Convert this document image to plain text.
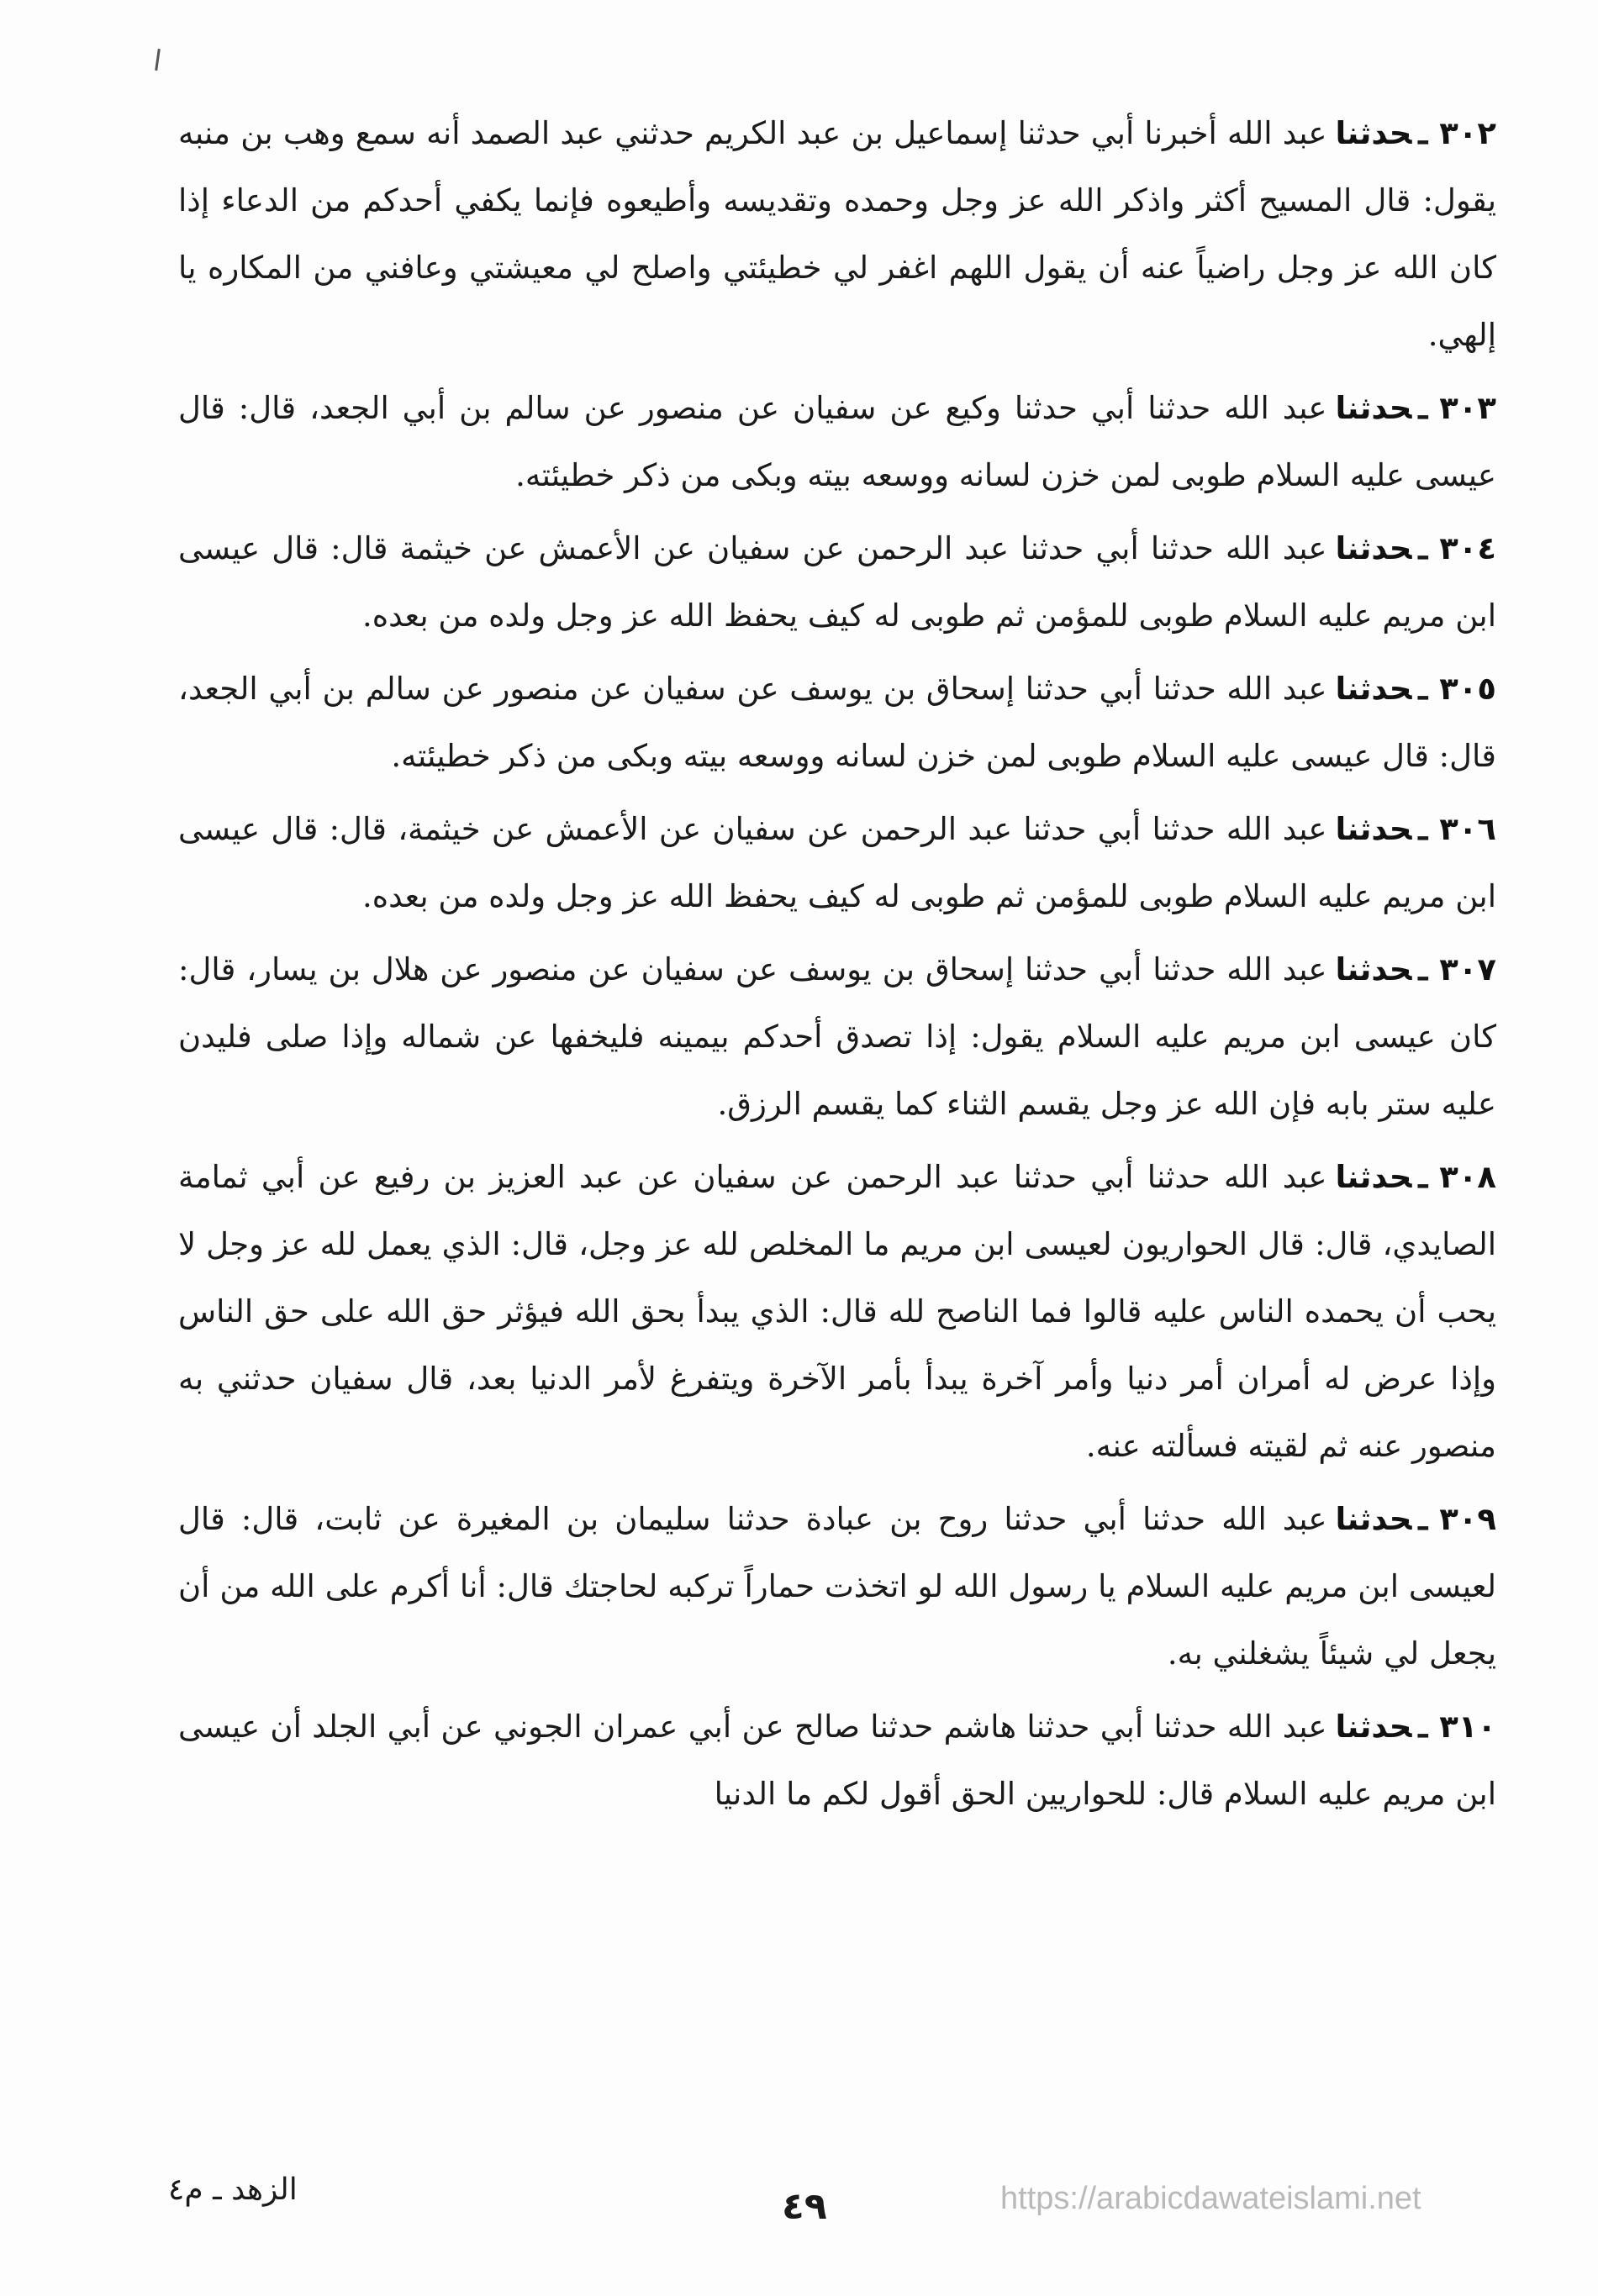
٣٠٢ـحدثناعبد الله أخبرنا أبي حدثنا إسماعيل بن عبد الكريم حدثني عبد الصمد أنه سمع وهب بن منبه يقول: قال المسيح أكثر واذكر الله عز وجل وحمده وتقديسه وأطيعوه فإنما يكفي أحدكم من الدعاء إذا كان الله عز وجل راضياً عنه أن يقول اللهم اغفر لي خطيئتي واصلح لي معيشتي وعافني من المكاره يا إلهي.

٣٠٣ـحدثناعبد الله حدثنا أبي حدثنا وكيع عن سفيان عن منصور عن سالم بن أبي الجعد، قال: قال عيسى عليه السلام طوبى لمن خزن لسانه ووسعه بيته وبكى من ذكر خطيئته.

٣٠٤ـحدثناعبد الله حدثنا أبي حدثنا عبد الرحمن عن سفيان عن الأعمش عن خيثمة قال: قال عيسى ابن مريم عليه السلام طوبى للمؤمن ثم طوبى له كيف يحفظ الله عز وجل ولده من بعده.

٣٠٥ـحدثناعبد الله حدثنا أبي حدثنا إسحاق بن يوسف عن سفيان عن منصور عن سالم بن أبي الجعد، قال: قال عيسى عليه السلام طوبى لمن خزن لسانه ووسعه بيته وبكى من ذكر خطيئته.

٣٠٦ـحدثناعبد الله حدثنا أبي حدثنا عبد الرحمن عن سفيان عن الأعمش عن خيثمة، قال: قال عيسى ابن مريم عليه السلام طوبى للمؤمن ثم طوبى له كيف يحفظ الله عز وجل ولده من بعده.

٣٠٧ـحدثناعبد الله حدثنا أبي حدثنا إسحاق بن يوسف عن سفيان عن منصور عن هلال بن يسار، قال: كان عيسى ابن مريم عليه السلام يقول: إذا تصدق أحدكم بيمينه فليخفها عن شماله وإذا صلى فليدن عليه ستر بابه فإن الله عز وجل يقسم الثناء كما يقسم الرزق.

٣٠٨ـحدثناعبد الله حدثنا أبي حدثنا عبد الرحمن عن سفيان عن عبد العزيز بن رفيع عن أبي ثمامة الصايدي، قال: قال الحواريون لعيسى ابن مريم ما المخلص لله عز وجل، قال: الذي يعمل لله عز وجل لا يحب أن يحمده الناس عليه قالوا فما الناصح لله قال: الذي يبدأ بحق الله فيؤثر حق الله على حق الناس وإذا عرض له أمران أمر دنيا وأمر آخرة يبدأ بأمر الآخرة ويتفرغ لأمر الدنيا بعد، قال سفيان حدثني به منصور عنه ثم لقيته فسألته عنه.

٣٠٩ـحدثناعبد الله حدثنا أبي حدثنا روح بن عبادة حدثنا سليمان بن المغيرة عن ثابت، قال: قال لعيسى ابن مريم عليه السلام يا رسول الله لو اتخذت حماراً تركبه لحاجتك قال: أنا أكرم على الله من أن يجعل لي شيئاً يشغلني به.

٣١٠ـحدثناعبد الله حدثنا أبي حدثنا هاشم حدثنا صالح عن أبي عمران الجوني عن أبي الجلد أن عيسى ابن مريم عليه السلام قال: للحواريين الحق أقول لكم ما الدنيا

الزهد ـ م٤	٤٩	https://arabicdawateislami.net
